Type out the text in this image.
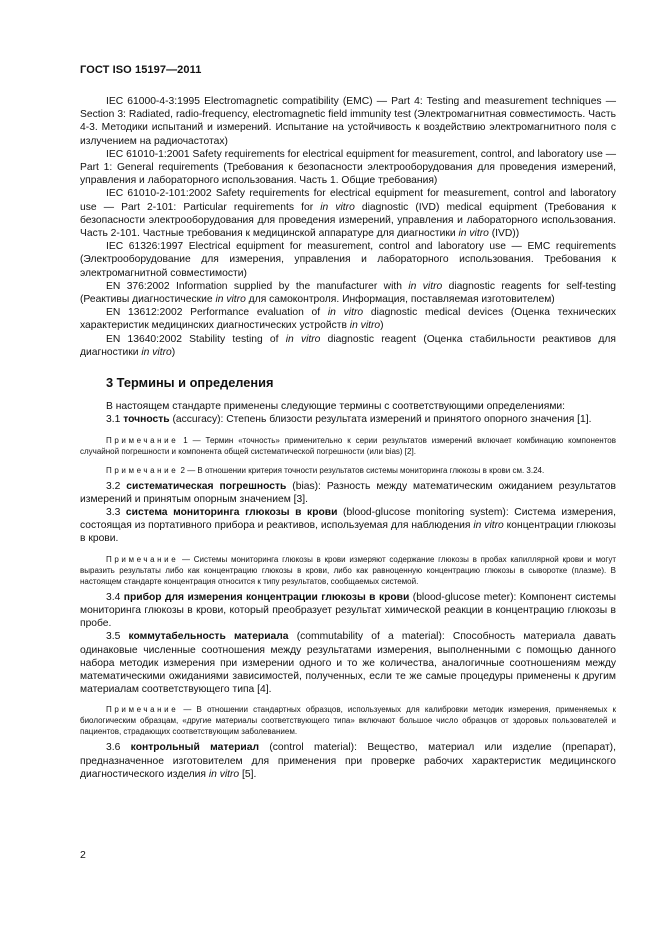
ГОСТ ISO 15197—2011

IEC 61000-4-3:1995 Electromagnetic compatibility (EMC) — Part 4: Testing and measurement techniques — Section 3: Radiated, radio-frequency, electromagnetic field immunity test (Электромагнитная совместимость. Часть 4-3. Методики испытаний и измерений. Испытание на устойчивость к воздействию электромагнитного поля с излучением на радиочастотах)

IEC 61010-1:2001 Safety requirements for electrical equipment for measurement, control, and laboratory use — Part 1: General requirements (Требования к безопасности электрооборудования для проведения измерений, управления и лабораторного использования. Часть 1. Общие требования)

IEC 61010-2-101:2002 Safety requirements for electrical equipment for measurement, control and laboratory use — Part 2-101: Particular requirements for in vitro diagnostic (IVD) medical equipment (Требования к безопасности электрооборудования для проведения измерений, управления и лабораторного использования. Часть 2-101. Частные требования к медицинской аппаратуре для диагностики in vitro (IVD))

IEC 61326:1997 Electrical equipment for measurement, control and laboratory use — EMC requirements (Электрооборудование для измерения, управления и лабораторного использования. Требования к электромагнитной совместимости)

EN 376:2002 Information supplied by the manufacturer with in vitro diagnostic reagents for self-testing (Реактивы диагностические in vitro для самоконтроля. Информация, поставляемая изготовителем)

EN 13612:2002 Performance evaluation of in vitro diagnostic medical devices (Оценка технических характеристик медицинских диагностических устройств in vitro)

EN 13640:2002 Stability testing of in vitro diagnostic reagent (Оценка стабильности реактивов для диагностики in vitro)

3 Термины и определения

В настоящем стандарте применены следующие термины с соответствующими определениями:

3.1 точность (accuracy): Степень близости результата измерений и принятого опорного значения [1].

Примечание 1 — Термин «точность» применительно к серии результатов измерений включает комбинацию компонентов случайной погрешности и компонента общей систематической погрешности (или bias) [2].

Примечание 2 — В отношении критерия точности результатов системы мониторинга глюкозы в крови см. 3.24.

3.2 систематическая погрешность (bias): Разность между математическим ожиданием результатов измерений и принятым опорным значением [3].

3.3 система мониторинга глюкозы в крови (blood-glucose monitoring system): Система измерения, состоящая из портативного прибора и реактивов, используемая для наблюдения in vitro концентрации глюкозы в крови.

Примечание — Системы мониторинга глюкозы в крови измеряют содержание глюкозы в пробах капиллярной крови и могут выразить результаты либо как концентрацию глюкозы в крови, либо как равноценную концентрацию глюкозы в сыворотке (плазме). В настоящем стандарте концентрация относится к типу результатов, сообщаемых системой.

3.4 прибор для измерения концентрации глюкозы в крови (blood-glucose meter): Компонент системы мониторинга глюкозы в крови, который преобразует результат химической реакции в концентрацию глюкозы в пробе.

3.5 коммутабельность материала (commutability of a material): Способность материала давать одинаковые численные соотношения между результатами измерения, выполненными с помощью данного набора методик измерения при измерении одного и то же количества, аналогичные соотношениям между математическими ожиданиями зависимостей, полученных, если те же самые процедуры применены к другим материалам соответствующего типа [4].

Примечание — В отношении стандартных образцов, используемых для калибровки методик измерения, применяемых к биологическим образцам, «другие материалы соответствующего типа» включают большое число образцов от здоровых пользователей и пациентов, страдающих соответствующим заболеванием.

3.6 контрольный материал (control material): Вещество, материал или изделие (препарат), предназначенное изготовителем для применения при проверке рабочих характеристик медицинского диагностического изделия in vitro [5].

2
